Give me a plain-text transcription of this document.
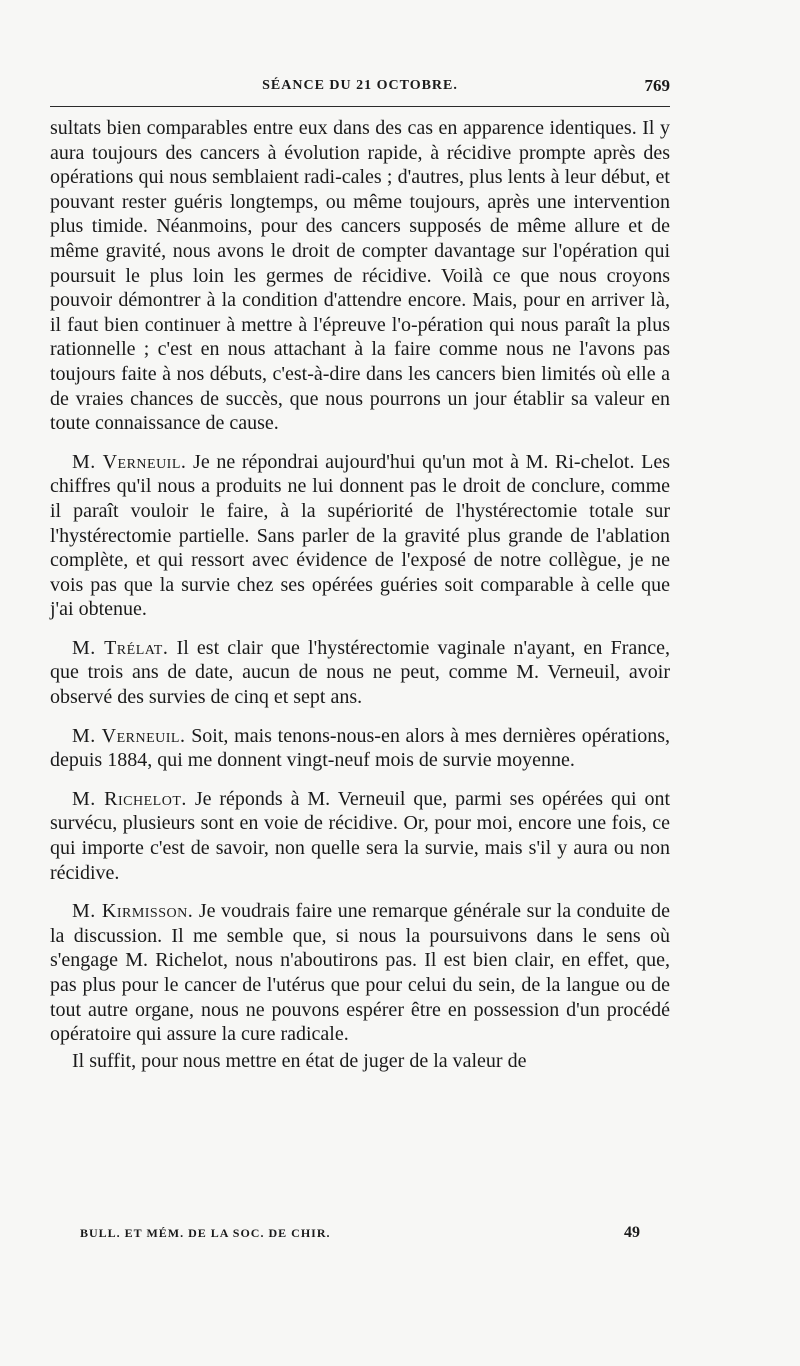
SÉANCE DU 21 OCTOBRE.	769

sultats bien comparables entre eux dans des cas en apparence identiques. Il y aura toujours des cancers à évolution rapide, à récidive prompte après des opérations qui nous semblaient radi-cales ; d'autres, plus lents à leur début, et pouvant rester guéris longtemps, ou même toujours, après une intervention plus timide. Néanmoins, pour des cancers supposés de même allure et de même gravité, nous avons le droit de compter davantage sur l'opération qui poursuit le plus loin les germes de récidive. Voilà ce que nous croyons pouvoir démontrer à la condition d'attendre encore. Mais, pour en arriver là, il faut bien continuer à mettre à l'épreuve l'o-pération qui nous paraît la plus rationnelle ; c'est en nous attachant à la faire comme nous ne l'avons pas toujours faite à nos débuts, c'est-à-dire dans les cancers bien limités où elle a de vraies chances de succès, que nous pourrons un jour établir sa valeur en toute connaissance de cause.

M. Verneuil. Je ne répondrai aujourd'hui qu'un mot à M. Ri-chelot. Les chiffres qu'il nous a produits ne lui donnent pas le droit de conclure, comme il paraît vouloir le faire, à la supériorité de l'hystérectomie totale sur l'hystérectomie partielle. Sans parler de la gravité plus grande de l'ablation complète, et qui ressort avec évidence de l'exposé de notre collègue, je ne vois pas que la survie chez ses opérées guéries soit comparable à celle que j'ai obtenue.

M. Trélat. Il est clair que l'hystérectomie vaginale n'ayant, en France, que trois ans de date, aucun de nous ne peut, comme M. Verneuil, avoir observé des survies de cinq et sept ans.

M. Verneuil. Soit, mais tenons-nous-en alors à mes dernières opérations, depuis 1884, qui me donnent vingt-neuf mois de survie moyenne.

M. Richelot. Je réponds à M. Verneuil que, parmi ses opérées qui ont survécu, plusieurs sont en voie de récidive. Or, pour moi, encore une fois, ce qui importe c'est de savoir, non quelle sera la survie, mais s'il y aura ou non récidive.

M. Kirmisson. Je voudrais faire une remarque générale sur la conduite de la discussion. Il me semble que, si nous la poursuivons dans le sens où s'engage M. Richelot, nous n'aboutirons pas. Il est bien clair, en effet, que, pas plus pour le cancer de l'utérus que pour celui du sein, de la langue ou de tout autre organe, nous ne pouvons espérer être en possession d'un procédé opératoire qui assure la cure radicale.

Il suffit, pour nous mettre en état de juger de la valeur de

BULL. ET MÉM. DE LA SOC. DE CHIR.	49
